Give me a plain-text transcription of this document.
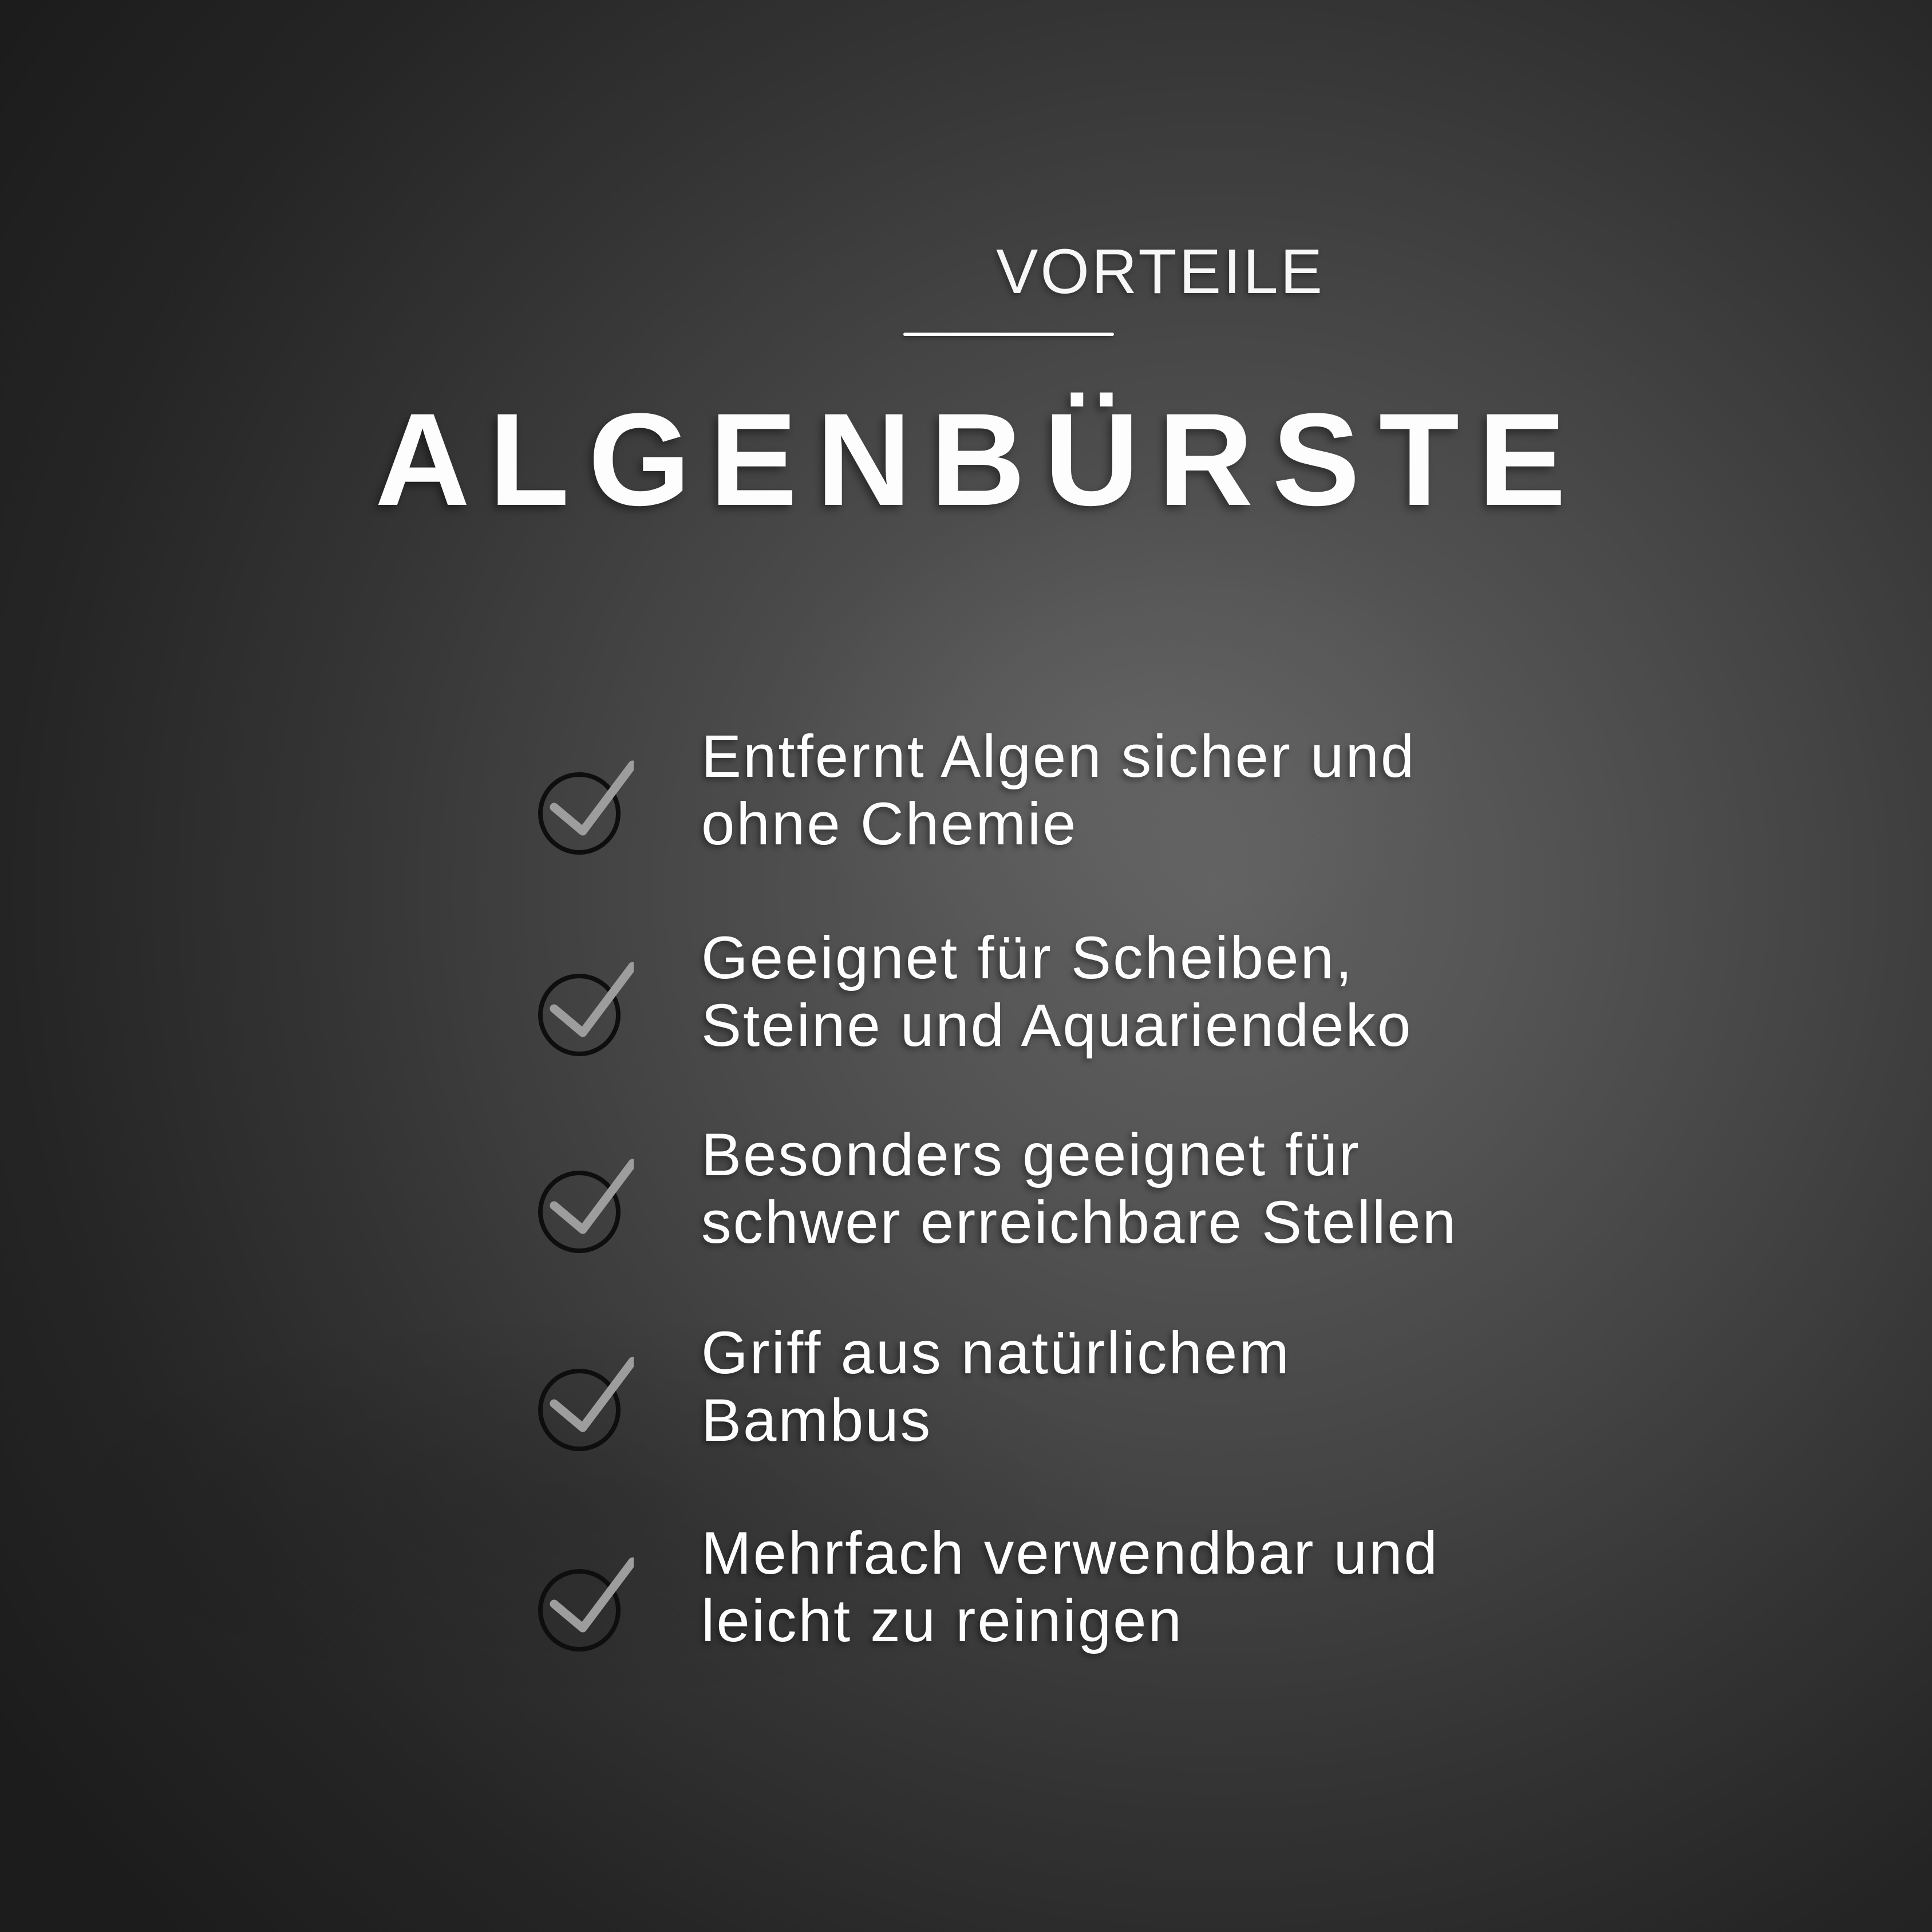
VORTEILE
ALGENBÜRSTE

Entfernt Algen sicher und
ohne Chemie

Geeignet für Scheiben,
Steine und Aquariendeko

Besonders geeignet für
schwer erreichbare Stellen

Griff aus natürlichem
Bambus

Mehrfach verwendbar und
leicht zu reinigen
